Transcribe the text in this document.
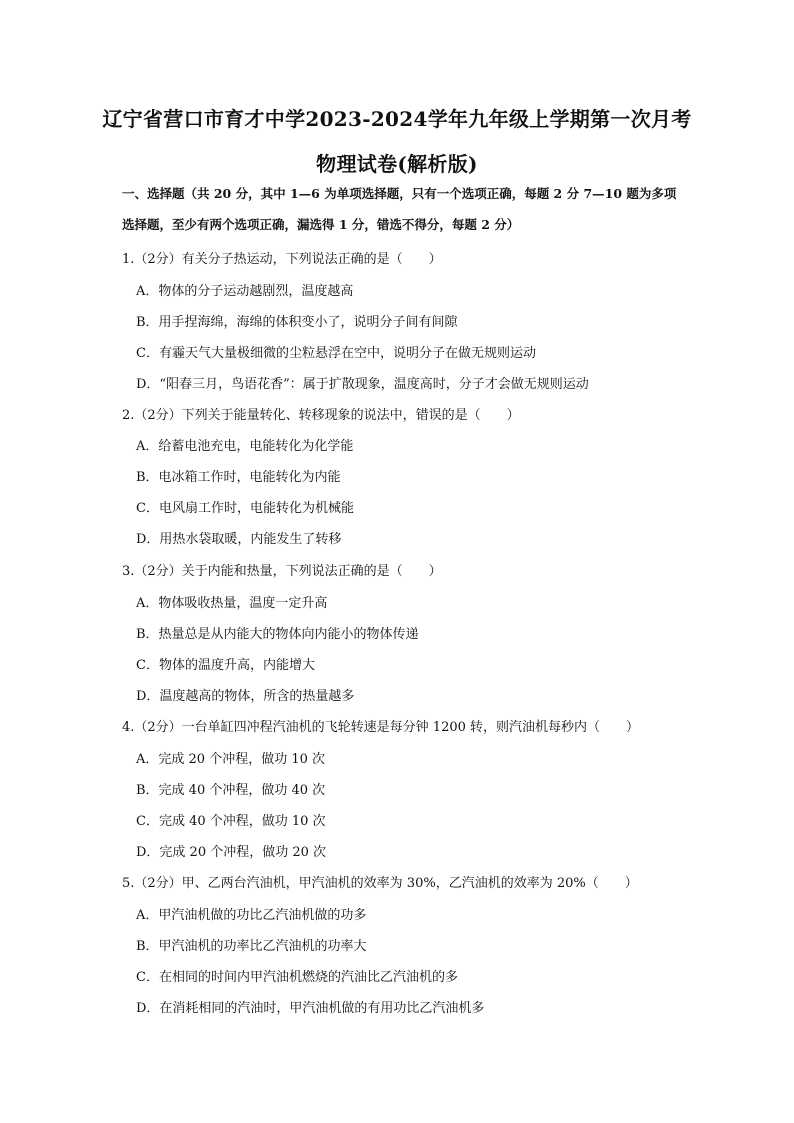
辽宁省营口市育才中学2023-2024学年九年级上学期第一次月考
物理试卷(解析版)
一、选择题（共 20 分，其中 1—6 为单项选择题，只有一个选项正确，每题 2 分 7—10 题为多项选择题，至少有两个选项正确，漏选得 1 分，错选不得分，每题 2 分）
1.（2分）有关分子热运动，下列说法正确的是（　　）
A．物体的分子运动越剧烈，温度越高
B．用手捏海绵，海绵的体积变小了，说明分子间有间隙
C．有霾天气大量极细微的尘粒悬浮在空中，说明分子在做无规则运动
D．“阳春三月，鸟语花香”：属于扩散现象，温度高时，分子才会做无规则运动
2.（2分）下列关于能量转化、转移现象的说法中，错误的是（　　）
A．给蓄电池充电，电能转化为化学能
B．电冰箱工作时，电能转化为内能
C．电风扇工作时，电能转化为机械能
D．用热水袋取暖，内能发生了转移
3.（2分）关于内能和热量，下列说法正确的是（　　）
A．物体吸收热量，温度一定升高
B．热量总是从内能大的物体向内能小的物体传递
C．物体的温度升高，内能增大
D．温度越高的物体，所含的热量越多
4.（2分）一台单缸四冲程汽油机的飞轮转速是每分钟 1200 转，则汽油机每秒内（　　）
A．完成 20 个冲程，做功 10 次
B．完成 40 个冲程，做功 40 次
C．完成 40 个冲程，做功 10 次
D．完成 20 个冲程，做功 20 次
5.（2分）甲、乙两台汽油机，甲汽油机的效率为 30%，乙汽油机的效率为 20%（　　）
A．甲汽油机做的功比乙汽油机做的功多
B．甲汽油机的功率比乙汽油机的功率大
C．在相同的时间内甲汽油机燃烧的汽油比乙汽油机的多
D．在消耗相同的汽油时，甲汽油机做的有用功比乙汽油机多
